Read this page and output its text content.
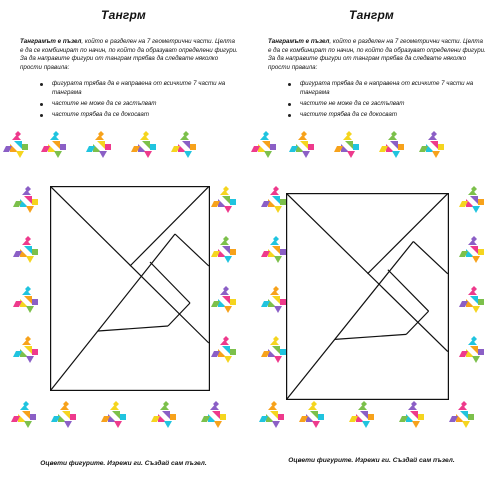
Тангрм
Танграмът е пъзел, който е разделен на 7 геометрични части. Целта е да се комбинират по начин, по който да образуват определени фигури. За да направите фигури от танграм трябва да следвате няколко прости правила:
фигурата трябва да е направена от всичките 7 части на танграма
частите не може да се застъпват
частите трябва да се докосват
Оцвети фигурите. Изрежи ги. Създай сам пъзел.
Тангрм
Танграмът е пъзел, който е разделен на 7 геометрични части. Целта е да се комбинират по начин, по който да образуват определени фигури. За да направите фигури от танграм трябва да следвате няколко прости правила:
фигурата трябва да е направена от всичките 7 части на танграма
частите не може да се застъпват
частите трябва да се докосват
Оцвети фигурите. Изрежи ги. Създай сам пъзел.
